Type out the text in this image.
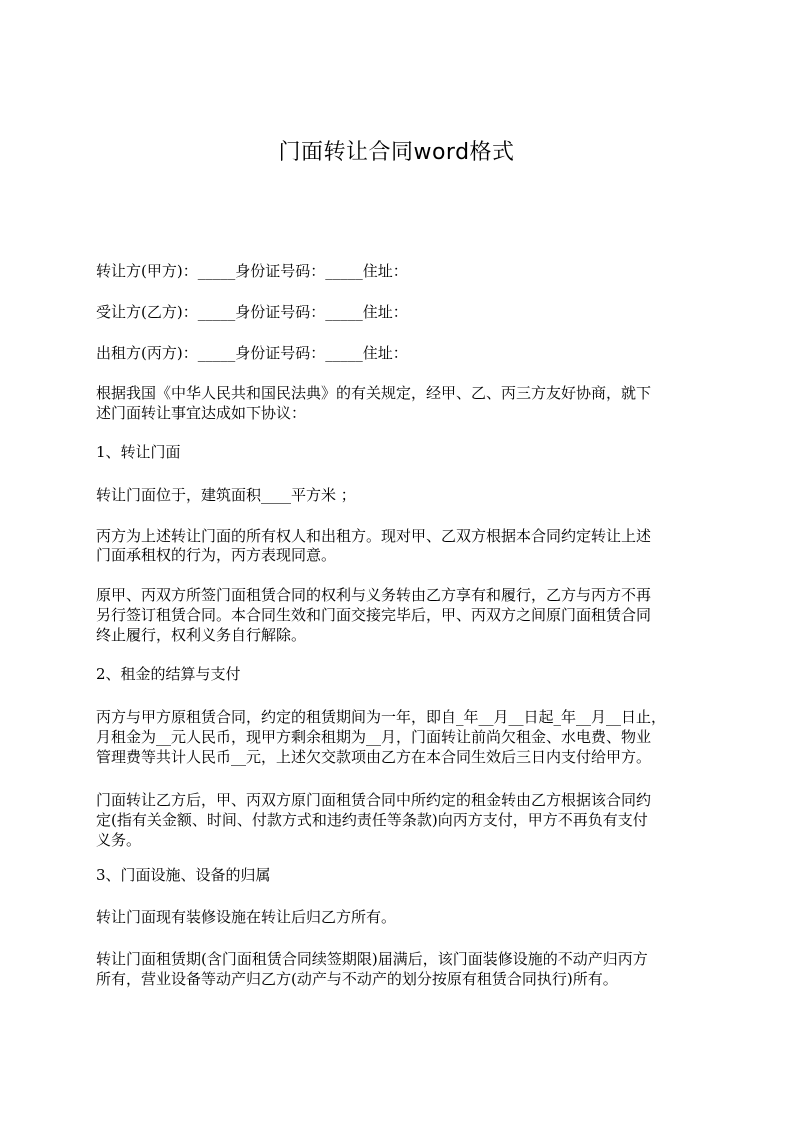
门面转让合同word格式

转让方(甲方)：_____身份证号码：_____住址：

受让方(乙方)：_____身份证号码：_____住址：

出租方(丙方)：_____身份证号码：_____住址：

根据我国《中华人民共和国民法典》的有关规定，经甲、乙、丙三方友好协商，就下

述门面转让事宜达成如下协议：

1、转让门面

转让门面位于，建筑面积____平方米 ；

丙方为上述转让门面的所有权人和出租方。现对甲、乙双方根据本合同约定转让上述

门面承租权的行为，丙方表现同意。

原甲、丙双方所签门面租赁合同的权利与义务转由乙方享有和履行，乙方与丙方不再

另行签订租赁合同。本合同生效和门面交接完毕后，甲、丙双方之间原门面租赁合同

终止履行，权利义务自行解除。

2、租金的结算与支付

丙方与甲方原租赁合同，约定的租赁期间为一年，即自_年__月__日起_年__月__日止，

月租金为__元人民币，现甲方剩余租期为__月，门面转让前尚欠租金、水电费、物业

管理费等共计人民币__元，上述欠交款项由乙方在本合同生效后三日内支付给甲方。

门面转让乙方后，甲、丙双方原门面租赁合同中所约定的租金转由乙方根据该合同约

定(指有关金额、时间、付款方式和违约责任等条款)向丙方支付，甲方不再负有支付

义务。

3、门面设施、设备的归属

转让门面现有装修设施在转让后归乙方所有。

转让门面租赁期(含门面租赁合同续签期限)届满后，该门面装修设施的不动产归丙方

所有，营业设备等动产归乙方(动产与不动产的划分按原有租赁合同执行)所有。
